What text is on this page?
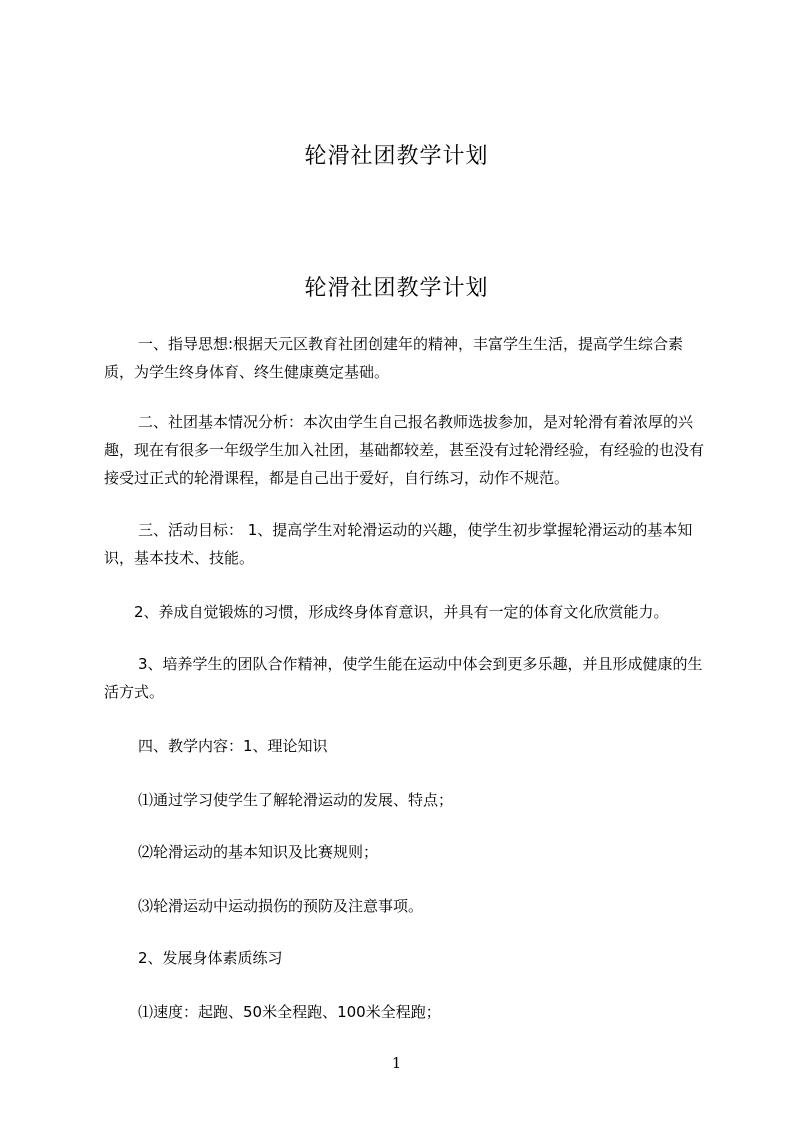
轮滑社团教学计划
轮滑社团教学计划
一、指导思想:根据天元区教育社团创建年的精神，丰富学生生活，提高学生综合素质，为学生终身体育、终生健康奠定基础。
二、社团基本情况分析：本次由学生自己报名教师选拔参加，是对轮滑有着浓厚的兴趣，现在有很多一年级学生加入社团，基础都较差，甚至没有过轮滑经验，有经验的也没有接受过正式的轮滑课程，都是自己出于爱好，自行练习，动作不规范。
三、活动目标： 1、提高学生对轮滑运动的兴趣，使学生初步掌握轮滑运动的基本知识，基本技术、技能。
2、养成自觉锻炼的习惯，形成终身体育意识，并具有一定的体育文化欣赏能力。
3、培养学生的团队合作精神，使学生能在运动中体会到更多乐趣，并且形成健康的生活方式。
四、教学内容：1、理论知识
⑴通过学习使学生了解轮滑运动的发展、特点；
⑵轮滑运动的基本知识及比赛规则；
⑶轮滑运动中运动损伤的预防及注意事项。
2、发展身体素质练习
⑴速度：起跑、50米全程跑、100米全程跑；
1
